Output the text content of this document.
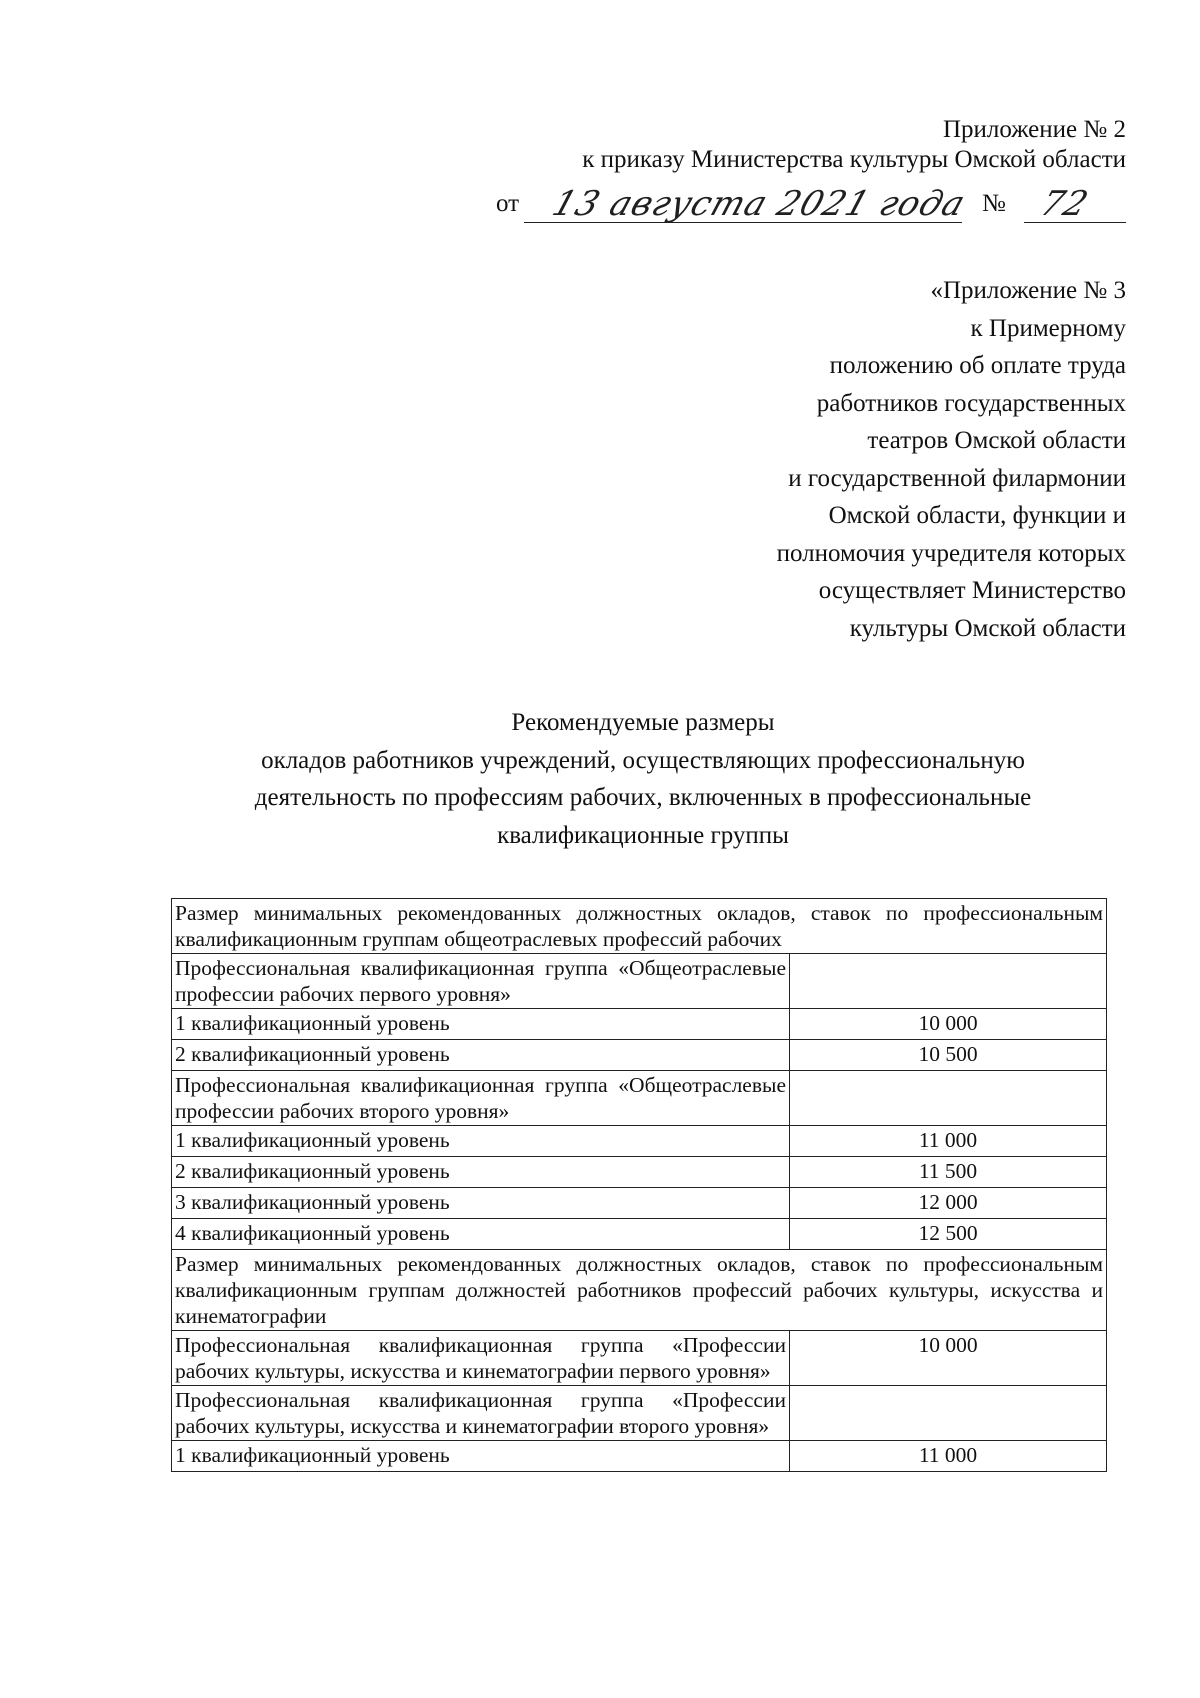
Приложение № 2
к приказу Министерства культуры Омской области
от 13 августа 2021 года № 72
«Приложение № 3
к Примерному
положению об оплате труда
работников государственных
театров Омской области
и государственной филармонии
Омской области, функции и
полномочия учредителя которых
осуществляет Министерство
культуры Омской области
Рекомендуемые размеры
окладов работников учреждений, осуществляющих профессиональную
деятельность по профессиям рабочих, включенных в профессиональные
квалификационные группы
Размер минимальных рекомендованных должностных окладов, ставок по профессиональным квалификационным группам общеотраслевых профессий рабочих	
Профессиональная квалификационная группа «Общеотраслевые профессии рабочих первого уровня»	
1 квалификационный уровень	10 000
2 квалификационный уровень	10 500
Профессиональная квалификационная группа «Общеотраслевые профессии рабочих второго уровня»	
1 квалификационный уровень	11 000
2 квалификационный уровень	11 500
3 квалификационный уровень	12 000
4 квалификационный уровень	12 500
Размер минимальных рекомендованных должностных окладов, ставок по профессиональным квалификационным группам должностей работников профессий рабочих культуры, искусства и кинематографии	
Профессиональная квалификационная группа «Профессии рабочих культуры, искусства и кинематографии первого уровня»	10 000
Профессиональная квалификационная группа «Профессии рабочих культуры, искусства и кинематографии второго уровня»	
1 квалификационный уровень	11 000
